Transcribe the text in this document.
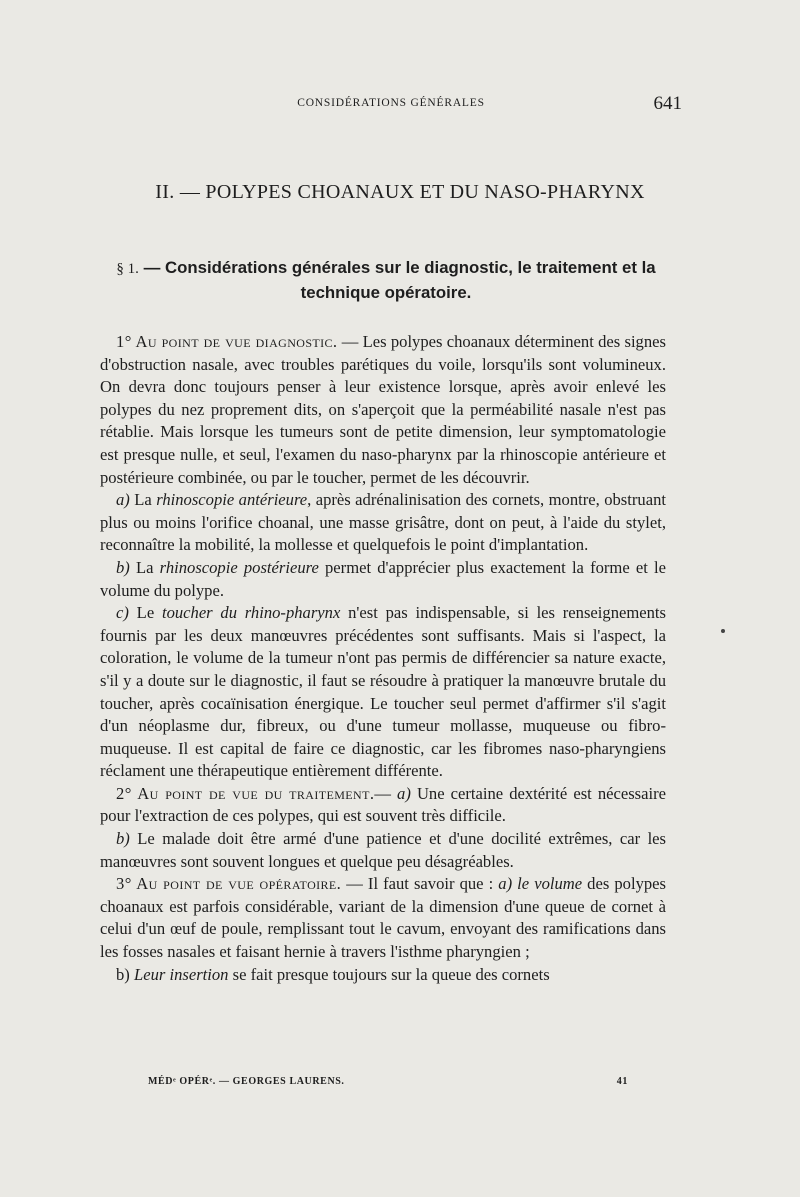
CONSIDÉRATIONS GÉNÉRALES	641
II. — POLYPES CHOANAUX ET DU NASO-PHARYNX
§ 1. — Considérations générales sur le diagnostic, le traitement et la technique opératoire.

1° Au point de vue diagnostic. — Les polypes choanaux déterminent des signes d'obstruction nasale, avec troubles parétiques du voile, lorsqu'ils sont volumineux. On devra donc toujours penser à leur existence lorsque, après avoir enlevé les polypes du nez proprement dits, on s'aperçoit que la perméabilité nasale n'est pas rétablie. Mais lorsque les tumeurs sont de petite dimension, leur symptomatologie est presque nulle, et seul, l'examen du naso-pharynx par la rhinoscopie antérieure et postérieure combinée, ou par le toucher, permet de les découvrir.

a) La rhinoscopie antérieure, après adrénalinisation des cornets, montre, obstruant plus ou moins l'orifice choanal, une masse grisâtre, dont on peut, à l'aide du stylet, reconnaître la mobilité, la mollesse et quelquefois le point d'implantation.

b) La rhinoscopie postérieure permet d'apprécier plus exactement la forme et le volume du polype.

c) Le toucher du rhino-pharynx n'est pas indispensable, si les renseignements fournis par les deux manœuvres précédentes sont suffisants. Mais si l'aspect, la coloration, le volume de la tumeur n'ont pas permis de différencier sa nature exacte, s'il y a doute sur le diagnostic, il faut se résoudre à pratiquer la manœuvre brutale du toucher, après cocaïnisation énergique. Le toucher seul permet d'affirmer s'il s'agit d'un néoplasme dur, fibreux, ou d'une tumeur mollasse, muqueuse ou fibro-muqueuse. Il est capital de faire ce diagnostic, car les fibromes naso-pharyngiens réclament une thérapeutique entièrement différente.

2° Au point de vue du traitement.— a) Une certaine dextérité est nécessaire pour l'extraction de ces polypes, qui est souvent très difficile.

b) Le malade doit être armé d'une patience et d'une docilité extrêmes, car les manœuvres sont souvent longues et quelque peu désagréables.

3° Au point de vue opératoire. — Il faut savoir que : a) le volume des polypes choanaux est parfois considérable, variant de la dimension d'une queue de cornet à celui d'un œuf de poule, remplissant tout le cavum, envoyant des ramifications dans les fosses nasales et faisant hernie à travers l'isthme pharyngien ;

b) Leur insertion se fait presque toujours sur la queue des cornets

MÉDᵉ OPÉRᵉ. — GEORGES LAURENS.	41
